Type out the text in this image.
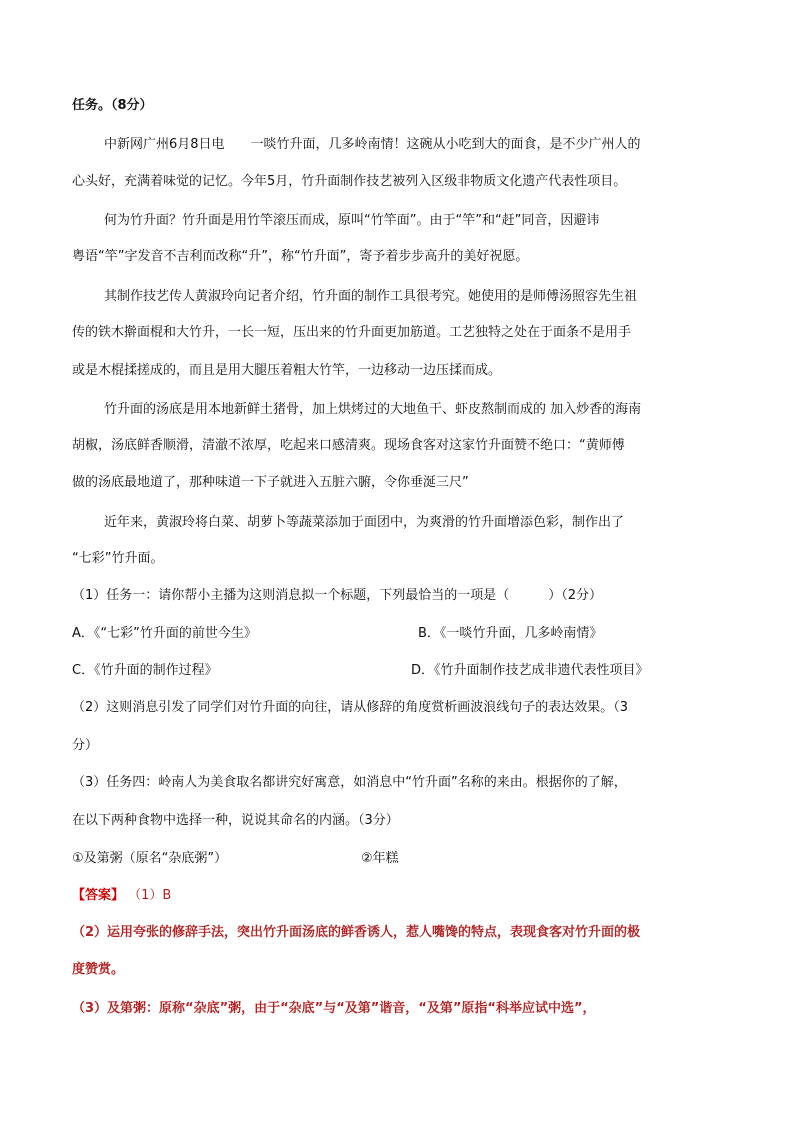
任务。（8分）
中新网广州6月8日电　　一啖竹升面，几多岭南情！这碗从小吃到大的面食，是不少广州人的
心头好，充满着味觉的记忆。今年5月，竹升面制作技艺被列入区级非物质文化遗产代表性项目。
何为竹升面？竹升面是用竹竿滚压而成，原叫“竹竿面”。由于“竿”和“赶”同音，因避讳
粤语“竿”字发音不吉利而改称“升”，称“竹升面”，寄予着步步高升的美好祝愿。
其制作技艺传人黄淑玲向记者介绍，竹升面的制作工具很考究。她使用的是师傅汤照容先生祖
传的铁木擀面棍和大竹升，一长一短，压出来的竹升面更加筋道。工艺独特之处在于面条不是用手
或是木棍揉搓成的，而且是用大腿压着粗大竹竿，一边移动一边压揉而成。
竹升面的汤底是用本地新鲜土猪骨，加上烘烤过的大地鱼干、虾皮熬制而成的 加入炒香的海南
胡椒，汤底鲜香顺滑，清澈不浓厚，吃起来口感清爽。现场食客对这家竹升面赞不绝口：“黄师傅
做的汤底最地道了，那种味道一下子就进入五脏六腑，令你垂涎三尺”
近年来，黄淑玲将白菜、胡萝卜等蔬菜添加于面团中，为爽滑的竹升面增添色彩，制作出了
“七彩”竹升面。
（1）任务一：请你帮小主播为这则消息拟一个标题，下列最恰当的一项是（　　　）（2分）
A．《“七彩”竹升面的前世今生》	B．《一啖竹升面，几多岭南情》
C．《竹升面的制作过程》	D．《竹升面制作技艺成非遗代表性项目》
（2）这则消息引发了同学们对竹升面的向往，请从修辞的角度赏析画波浪线句子的表达效果。（3
分）
（3）任务四：岭南人为美食取名都讲究好寓意，如消息中“竹升面”名称的来由。根据你的了解，
在以下两种食物中选择一种，说说其命名的内涵。（3分）
①及第粥（原名“杂底粥”）	②年糕
【答案】 （1）B
（2）运用夸张的修辞手法，突出竹升面汤底的鲜香诱人，惹人嘴馋的特点，表现食客对竹升面的极
度赞赏。
（3）及第粥：原称“杂底”粥，由于“杂底”与“及第”谐音，“及第”原指“科举应试中选”，
